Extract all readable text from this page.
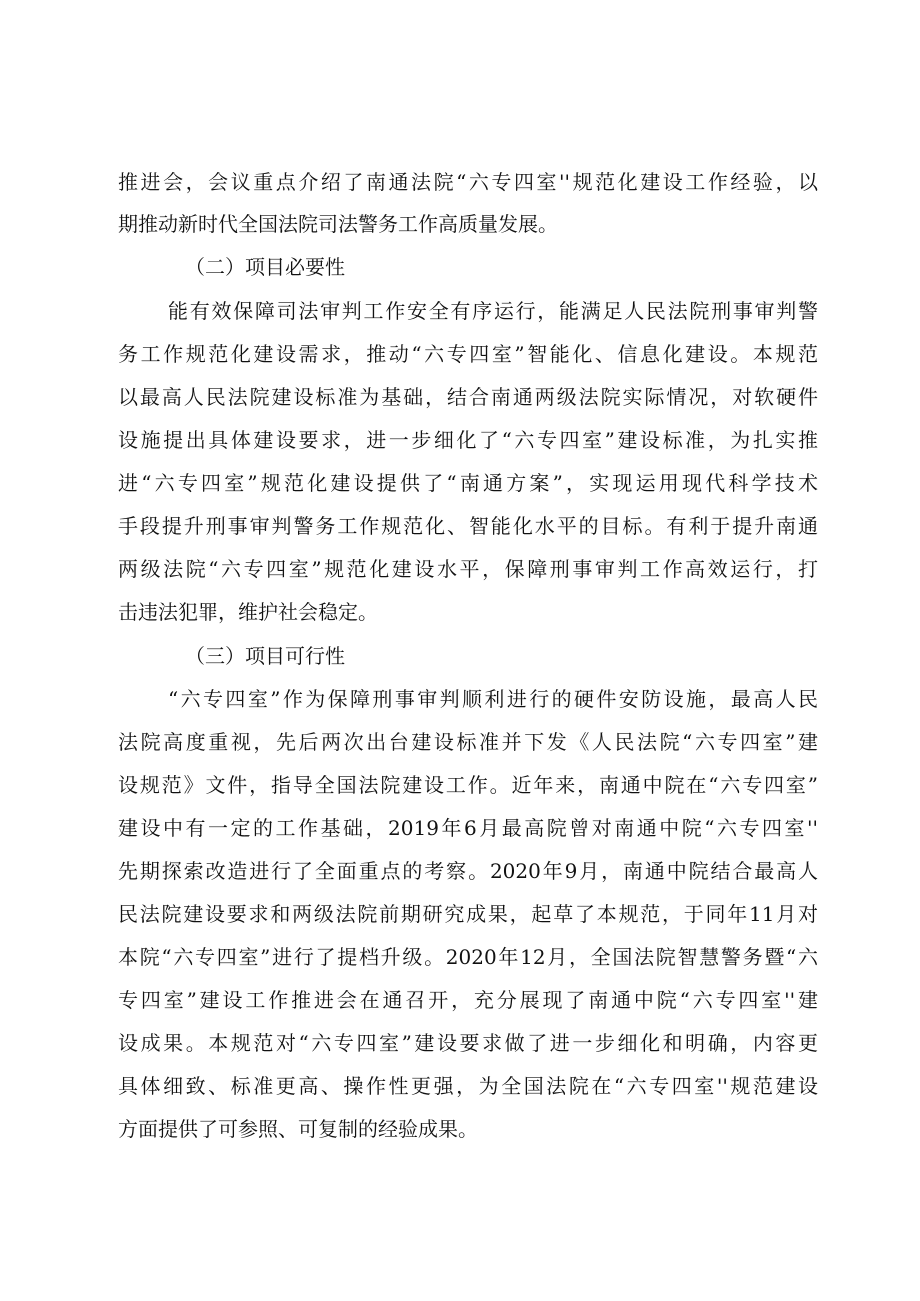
推进会，会议重点介绍了南通法院“六专四室''规范化建设工作经验，以
期推动新时代全国法院司法警务工作高质量发展。
（二）项目必要性
能有效保障司法审判工作安全有序运行，能满足人民法院刑事审判警
务工作规范化建设需求，推动“六专四室”智能化、信息化建设。本规范
以最高人民法院建设标准为基础，结合南通两级法院实际情况，对软硬件
设施提出具体建设要求，进一步细化了“六专四室”建设标准，为扎实推
进“六专四室”规范化建设提供了“南通方案”，实现运用现代科学技术
手段提升刑事审判警务工作规范化、智能化水平的目标。有利于提升南通
两级法院“六专四室”规范化建设水平，保障刑事审判工作高效运行，打
击违法犯罪，维护社会稳定。
（三）项目可行性
“六专四室”作为保障刑事审判顺利进行的硬件安防设施，最高人民
法院高度重视，先后两次出台建设标准并下发《人民法院“六专四室”建
设规范》文件，指导全国法院建设工作。近年来，南通中院在“六专四室”
建设中有一定的工作基础，2019年6月最高院曾对南通中院“六专四室''
先期探索改造进行了全面重点的考察。2020年9月，南通中院结合最高人
民法院建设要求和两级法院前期研究成果，起草了本规范，于同年11月对
本院“六专四室”进行了提档升级。2020年12月，全国法院智慧警务暨“六
专四室”建设工作推进会在通召开，充分展现了南通中院“六专四室''建
设成果。本规范对“六专四室”建设要求做了进一步细化和明确，内容更
具体细致、标准更高、操作性更强，为全国法院在“六专四室''规范建设
方面提供了可参照、可复制的经验成果。
